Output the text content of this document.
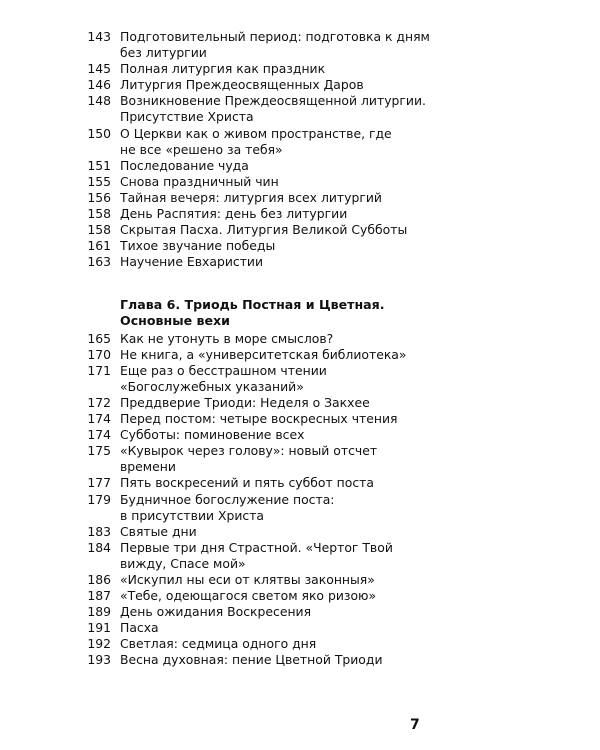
143 Подготовительный период: подготовка к дням
без литургии
145 Полная литургия как праздник
146 Литургия Преждеосвященных Даров
148 Возникновение Преждеосвященной литургии.
Присутствие Христа
150 О Церкви как о живом пространстве, где
не все «решено за тебя»
151 Последование чуда
155 Снова праздничный чин
156 Тайная вечеря: литургия всех литургий
158 День Распятия: день без литургии
158 Скрытая Пасха. Литургия Великой Субботы
161 Тихое звучание победы
163 Научение Евхаристии
Глава 6. Триодь Постная и Цветная.
Основные вехи
165 Как не утонуть в море смыслов?
170 Не книга, а «университетская библиотека»
171 Еще раз о бесстрашном чтении
«Богослужебных указаний»
172 Преддверие Триоди: Неделя о Закхее
174 Перед постом: четыре воскресных чтения
174 Субботы: поминовение всех
175 «Кувырок через голову»: новый отсчет
времени
177 Пять воскресений и пять суббот поста
179 Будничное богослужение поста:
в присутствии Христа
183 Святые дни
184 Первые три дня Страстной. «Чертог Твой
вижду, Спасе мой»
186 «Искупил ны еси от клятвы законныя»
187 «Тебе, одеющагося светом яко ризою»
189 День ожидания Воскресения
191 Пасха
192 Светлая: седмица одного дня
193 Весна духовная: пение Цветной Триоди
7
